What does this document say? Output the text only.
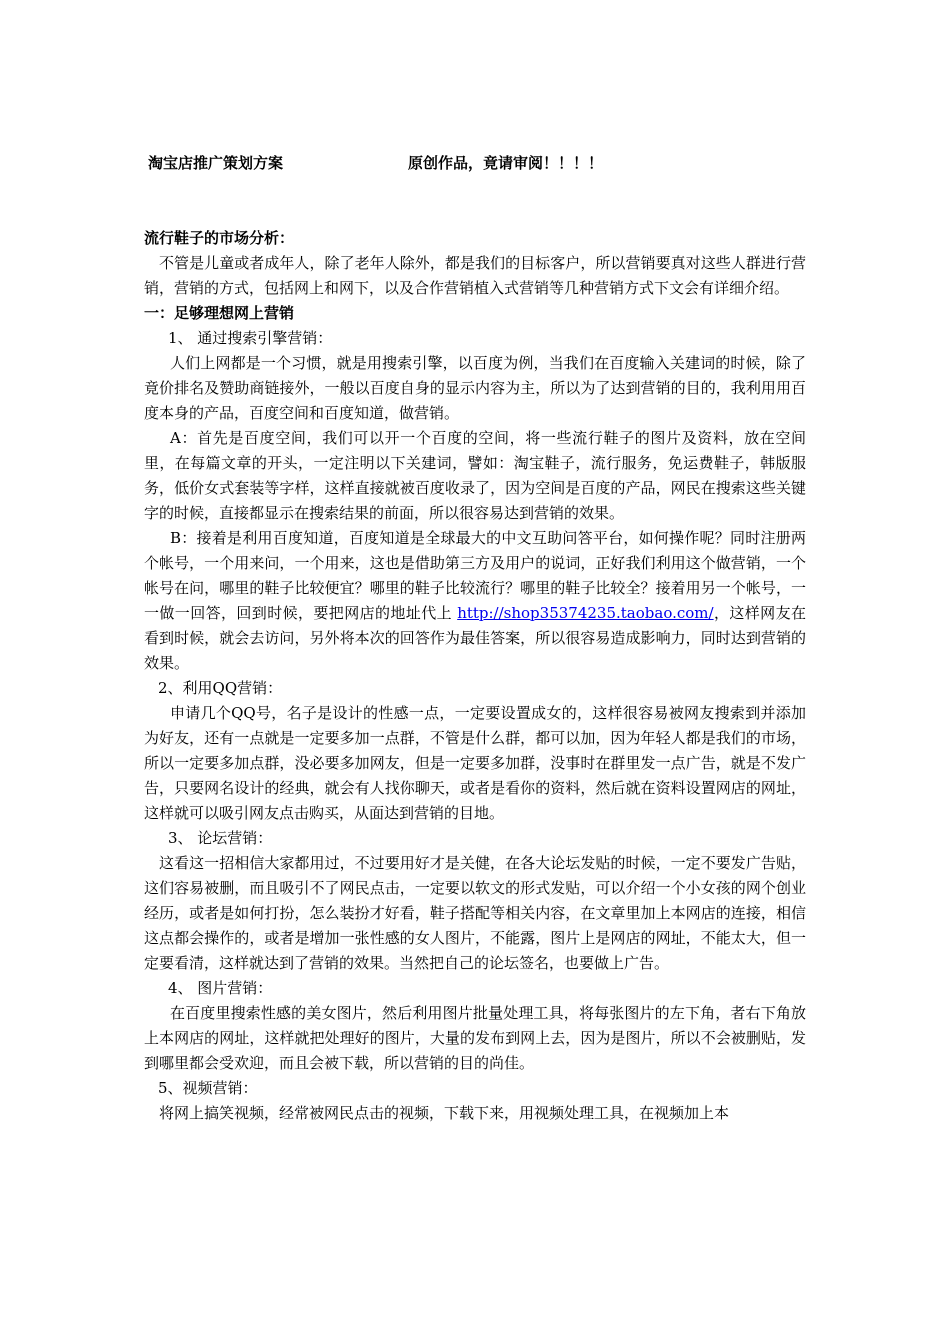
淘宝店推广策划方案	原创作品，竟请审阅！！！！
流行鞋子的市场分析：
不管是儿童或者成年人，除了老年人除外，都是我们的目标客户，所以营销要真对这些人群进行营销，营销的方式，包括网上和网下，以及合作营销植入式营销等几种营销方式下文会有详细介绍。
一：足够理想网上营销
1、 通过搜索引擎营销：
人们上网都是一个习惯，就是用搜索引擎，以百度为例，当我们在百度输入关建词的时候，除了竟价排名及赞助商链接外，一般以百度自身的显示内容为主，所以为了达到营销的目的，我利用用百度本身的产品，百度空间和百度知道，做营销。
A：首先是百度空间，我们可以开一个百度的空间，将一些流行鞋子的图片及资料，放在空间里，在每篇文章的开头，一定注明以下关建词，譬如：淘宝鞋子，流行服务，免运费鞋子，韩版服务，低价女式套装等字样，这样直接就被百度收录了，因为空间是百度的产品，网民在搜索这些关键字的时候，直接都显示在搜索结果的前面，所以很容易达到营销的效果。
B：接着是利用百度知道，百度知道是全球最大的中文互助问答平台，如何操作呢？同时注册两个帐号，一个用来问，一个用来，这也是借助第三方及用户的说词，正好我们利用这个做营销，一个帐号在问，哪里的鞋子比较便宜？哪里的鞋子比较流行？哪里的鞋子比较全？接着用另一个帐号，一一做一回答，回到时候，要把网店的地址代上 http://shop35374235.taobao.com/，这样网友在看到时候，就会去访问，另外将本次的回答作为最佳答案，所以很容易造成影响力，同时达到营销的效果。
2、利用QQ营销：
申请几个QQ号，名子是设计的性感一点，一定要设置成女的，这样很容易被网友搜索到并添加为好友，还有一点就是一定要多加一点群，不管是什么群，都可以加，因为年轻人都是我们的市场，所以一定要多加点群，没必要多加网友，但是一定要多加群，没事时在群里发一点广告，就是不发广告，只要网名设计的经典，就会有人找你聊天，或者是看你的资料，然后就在资料设置网店的网址，这样就可以吸引网友点击购买，从面达到营销的目地。
3、 论坛营销：
这看这一招相信大家都用过，不过要用好才是关健，在各大论坛发贴的时候，一定不要发广告贴，这们容易被删，而且吸引不了网民点击，一定要以软文的形式发贴，可以介绍一个小女孩的网个创业经历，或者是如何打扮，怎么装扮才好看，鞋子搭配等相关内容，在文章里加上本网店的连接，相信这点都会操作的，或者是增加一张性感的女人图片，不能露，图片上是网店的网址，不能太大，但一定要看清，这样就达到了营销的效果。当然把自己的论坛签名，也要做上广告。
4、 图片营销：
在百度里搜索性感的美女图片，然后利用图片批量处理工具，将每张图片的左下角，者右下角放上本网店的网址，这样就把处理好的图片，大量的发布到网上去，因为是图片，所以不会被删贴，发到哪里都会受欢迎，而且会被下载，所以营销的目的尚佳。
5、视频营销：
将网上搞笑视频，经常被网民点击的视频，下载下来，用视频处理工具，在视频加上本
